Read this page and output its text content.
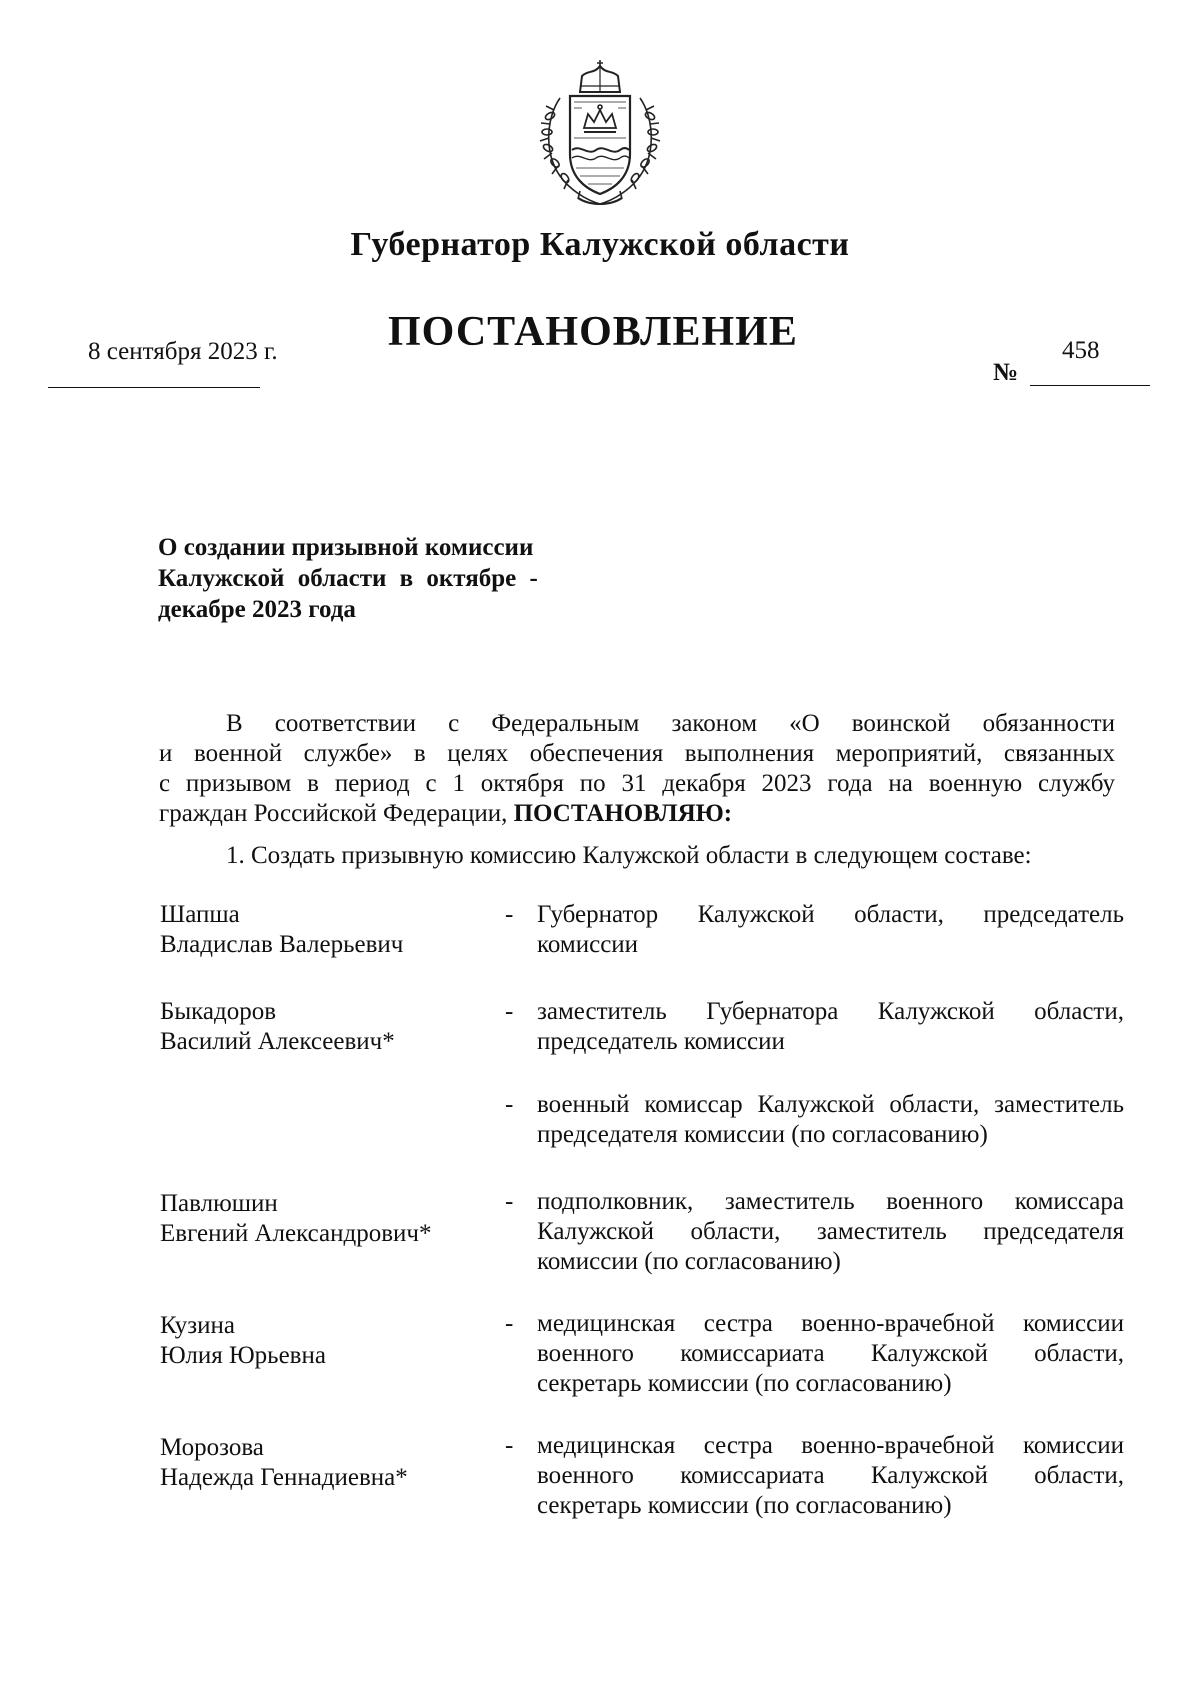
Губернатор Калужской области
ПОСТАНОВЛЕНИЕ
8 сентября 2023 г.	458
№
О создании призывной комиссии
Калужской области в октябре -
декабре 2023 года
В соответствии с Федеральным законом «О воинской обязанности
и военной службе» в целях обеспечения выполнения мероприятий, связанных
с призывом в период с 1 октября по 31 декабря 2023 года на военную службу
граждан Российской Федерации, ПОСТАНОВЛЯЮ:
1. Создать призывную комиссию Калужской области в следующем составе:
Шапша
Владислав Валерьевич
- Губернатор Калужской области, председатель
комиссии
Быкадоров
Василий Алексеевич*
- заместитель Губернатора Калужской области,
председатель комиссии
- военный комиссар Калужской области, заместитель
председателя комиссии (по согласованию)
Павлюшин
Евгений Александрович*
- подполковник, заместитель военного комиссара
Калужской области, заместитель председателя
комиссии (по согласованию)
Кузина
Юлия Юрьевна
- медицинская сестра военно-врачебной комиссии
военного комиссариата Калужской области,
секретарь комиссии (по согласованию)
Морозова
Надежда Геннадиевна*
- медицинская сестра военно-врачебной комиссии
военного комиссариата Калужской области,
секретарь комиссии (по согласованию)
